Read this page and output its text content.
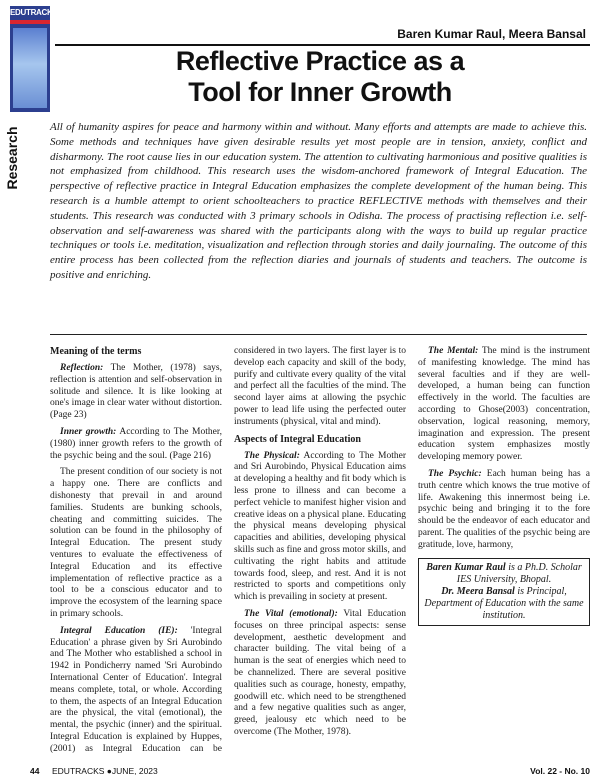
EDUTRACKS
Baren Kumar Raul, Meera Bansal
Reflective Practice as a
Tool for Inner Growth
Research	All of humanity aspires for peace and harmony within and without. Many efforts and attempts are made to achieve this. Some methods and techniques have given desirable results yet most people are in tension, anxiety, conflict and disharmony. The root cause lies in our education system. The attention to cultivating harmonious and positive qualities is not emphasized from childhood. This research uses the wisdom-anchored framework of Integral Education. The perspective of reflective practice in Integral Education emphasizes the complete development of the human being. This research is a humble attempt to orient schoolteachers to practice REFLECTIVE methods with themselves and their students. This research was conducted with 3 primary schools in Odisha. The process of practising reflection i.e. self-observation and self-awareness was shared with the participants along with the ways to build up regular practice techniques or tools i.e. meditation, visualization and reflection through stories and daily journaling. The outcome of this entire process has been collected from the reflection diaries and journals of students and teachers. The outcome is positive and enriching.

Meaning of the terms

Reflection: The Mother, (1978) says, reflection is attention and self-observation in solitude and silence. It is like looking at one's image in clear water without distortion. (Page 23)

Inner growth: According to The Mother, (1980) inner growth refers to the growth of the psychic being and the soul. (Page 216)

The present condition of our society is not a happy one. There are conflicts and dishonesty that prevail in and around families. Students are bunking schools, cheating and committing suicides. The solution can be found in the philosophy of Integral Education. The present study ventures to evaluate the effectiveness of Integral Education and its effective implementation of reflective practice as a tool to be a conscious educator and to improve the ecosystem of the learning space in primary schools.

Integral Education (IE): 'Integral Education' a phrase given by Sri Aurobindo and The Mother who established a school in 1942 in Pondicherry named 'Sri Aurobindo International Center of Education'. Integral means complete, total, or whole. According to them, the aspects of an Integral Education are the physical, the vital (emotional), the mental, the psychic (inner) and the spiritual. Integral Education is explained by Huppes, (2001) as Integral Education can be considered in two layers. The first layer is to develop each capacity and skill of the body, purify and cultivate every quality of the vital and perfect all the faculties of the mind. The second layer aims at allowing the psychic power to lead life using the perfected outer instruments (physical, vital and mind).

Aspects of Integral Education

The Physical: According to The Mother and Sri Aurobindo, Physical Education aims at developing a healthy and fit body which is less prone to illness and can become a perfect vehicle to manifest higher vision and creative ideas on a physical plane. Educating the physical means developing physical capacities and abilities, developing physical skills such as fine and gross motor skills, and cultivating the right habits and attitude towards food, sleep, and rest. And it is not restricted to sports and competitions only which is prevailing in society at present.

The Vital (emotional): Vital Education focuses on three principal aspects: sense development, aesthetic development and character building. The vital being of a human is the seat of energies which need to be channelized. There are several positive qualities such as courage, honesty, empathy, goodwill etc. which need to be strengthened and a few negative qualities such as anger, greed, jealousy etc which need to be overcome (The Mother, 1978).

The Mental: The mind is the instrument of manifesting knowledge. The mind has several faculties and if they are well-developed, a human being can function effectively in the world. The faculties are according to Ghose(2003) concentration, observation, logical reasoning, memory, imagination and expression. The present education system emphasizes mostly developing memory power.

The Psychic: Each human being has a truth centre which knows the true motive of life. Awakening this innermost being i.e. psychic being and bringing it to the fore should be the endeavor of each educator and parent. The qualities of the psychic being are gratitude, love, harmony,

Baren Kumar Raul is a Ph.D. Scholar IES University, Bhopal.
Dr. Meera Bansal is Principal, Department of Education with the same institution.
44 EDUTRACKS ●JUNE, 2023	Vol. 22 - No. 10
